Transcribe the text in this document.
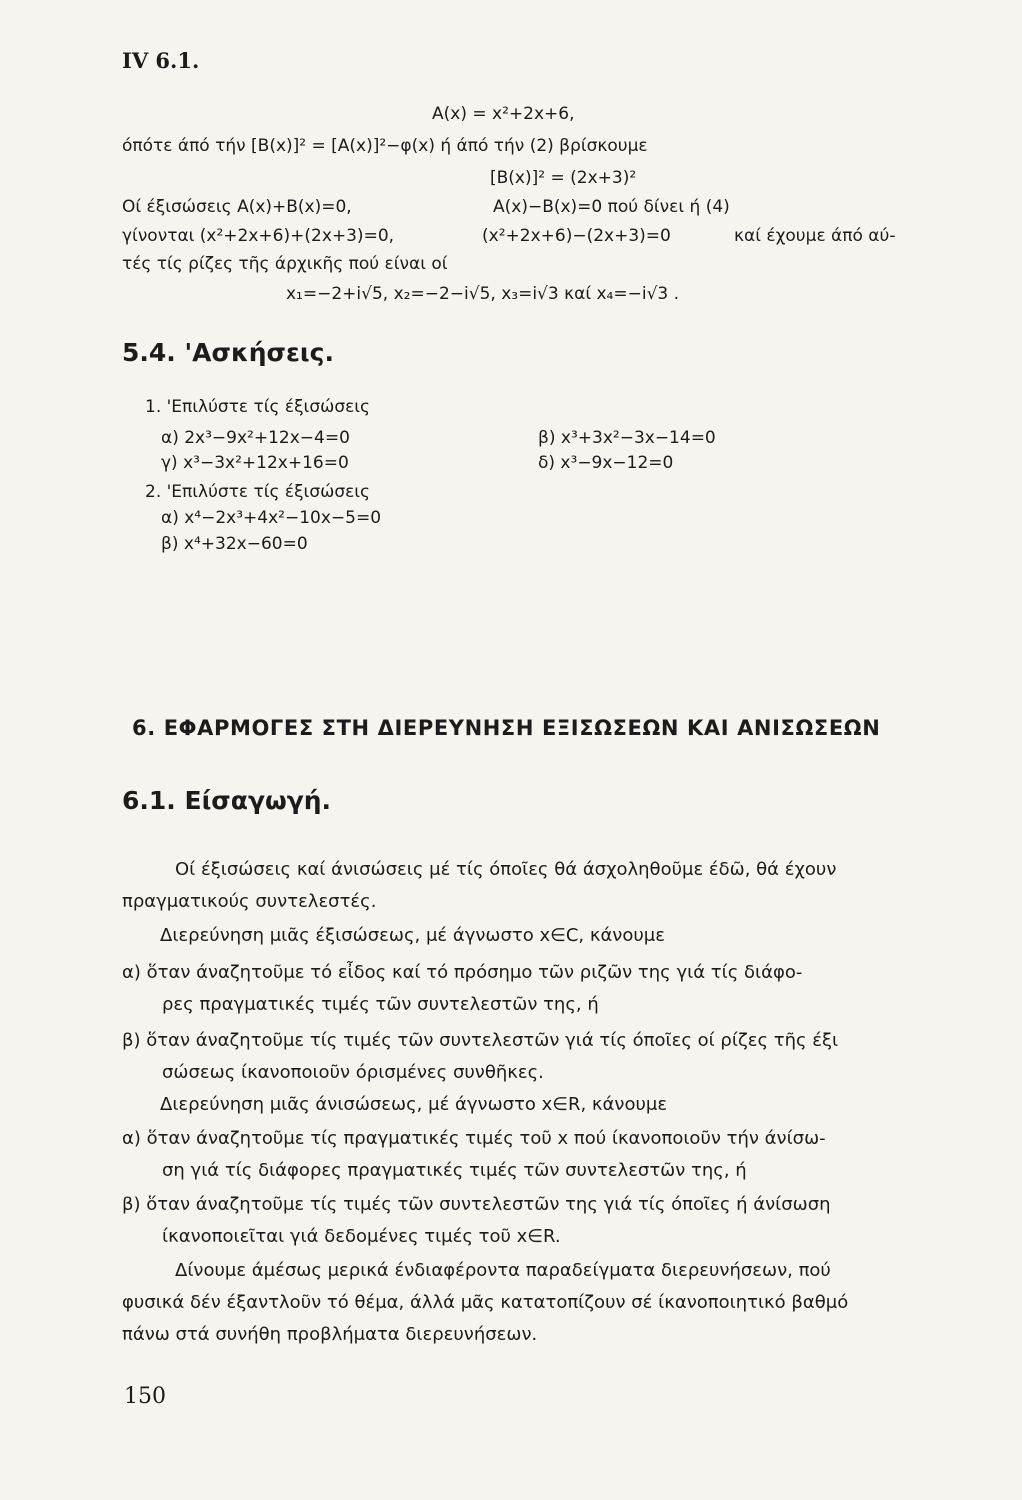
IV 6.1.
A(x) = x²+2x+6,
όπότε άπό τήν [B(x)]² = [A(x)]²−φ(x) ή άπό τήν (2) βρίσκουμε
[B(x)]² = (2x+3)²
Οί έξισώσεις A(x)+B(x)=0,	A(x)−B(x)=0 πού δίνει ή (4)
γίνονται (x²+2x+6)+(2x+3)=0,	(x²+2x+6)−(2x+3)=0	καί έχουμε άπό αύ-
τές τίς ρίζες τῆς άρχικῆς πού είναι οί
x₁=−2+i√5, x₂=−2−i√5, x₃=i√3 καί x₄=−i√3 .
5.4. 'Ασκήσεις.
1. 'Επιλύστε τίς έξισώσεις
α) 2x³−9x²+12x−4=0	β) x³+3x²−3x−14=0
γ) x³−3x²+12x+16=0	δ) x³−9x−12=0
2. 'Επιλύστε τίς έξισώσεις
α) x⁴−2x³+4x²−10x−5=0
β) x⁴+32x−60=0
6. ΕΦΑΡΜΟΓΕΣ ΣΤΗ ΔΙΕΡΕΥΝΗΣΗ ΕΞΙΣΩΣΕΩΝ ΚΑΙ ΑΝΙΣΩΣΕΩΝ
6.1. Είσαγωγή.
Οί έξισώσεις καί άνισώσεις μέ τίς όποῖες θά άσχοληθοῦμε έδῶ, θά έχουν
πραγματικούς συντελεστές.
Διερεύνηση μιᾶς έξισώσεως, μέ άγνωστο x∈C, κάνουμε
α) ὅταν άναζητοῦμε τό εἶδος καί τό πρόσημο τῶν ριζῶν της γιά τίς διάφο-
ρες πραγματικές τιμές τῶν συντελεστῶν της, ή
β) ὅταν άναζητοῦμε τίς τιμές τῶν συντελεστῶν γιά τίς όποῖες οί ρίζες τῆς έξι
σώσεως ίκανοποιοῦν όρισμένες συνθῆκες.
Διερεύνηση μιᾶς άνισώσεως, μέ άγνωστο x∈R, κάνουμε
α) ὅταν άναζητοῦμε τίς πραγματικές τιμές τοῦ x πού ίκανοποιοῦν τήν άνίσω-
ση γιά τίς διάφορες πραγματικές τιμές τῶν συντελεστῶν της, ή
β) ὅταν άναζητοῦμε τίς τιμές τῶν συντελεστῶν της γιά τίς όποῖες ή άνίσωση
ίκανοποιεῖται γιά δεδομένες τιμές τοῦ x∈R.
Δίνουμε άμέσως μερικά ένδιαφέροντα παραδείγματα διερευνήσεων, πού
φυσικά δέν έξαντλοῦν τό θέμα, άλλά μᾶς κατατοπίζουν σέ ίκανοποιητικό βαθμό
πάνω στά συνήθη προβλήματα διερευνήσεων.
150
